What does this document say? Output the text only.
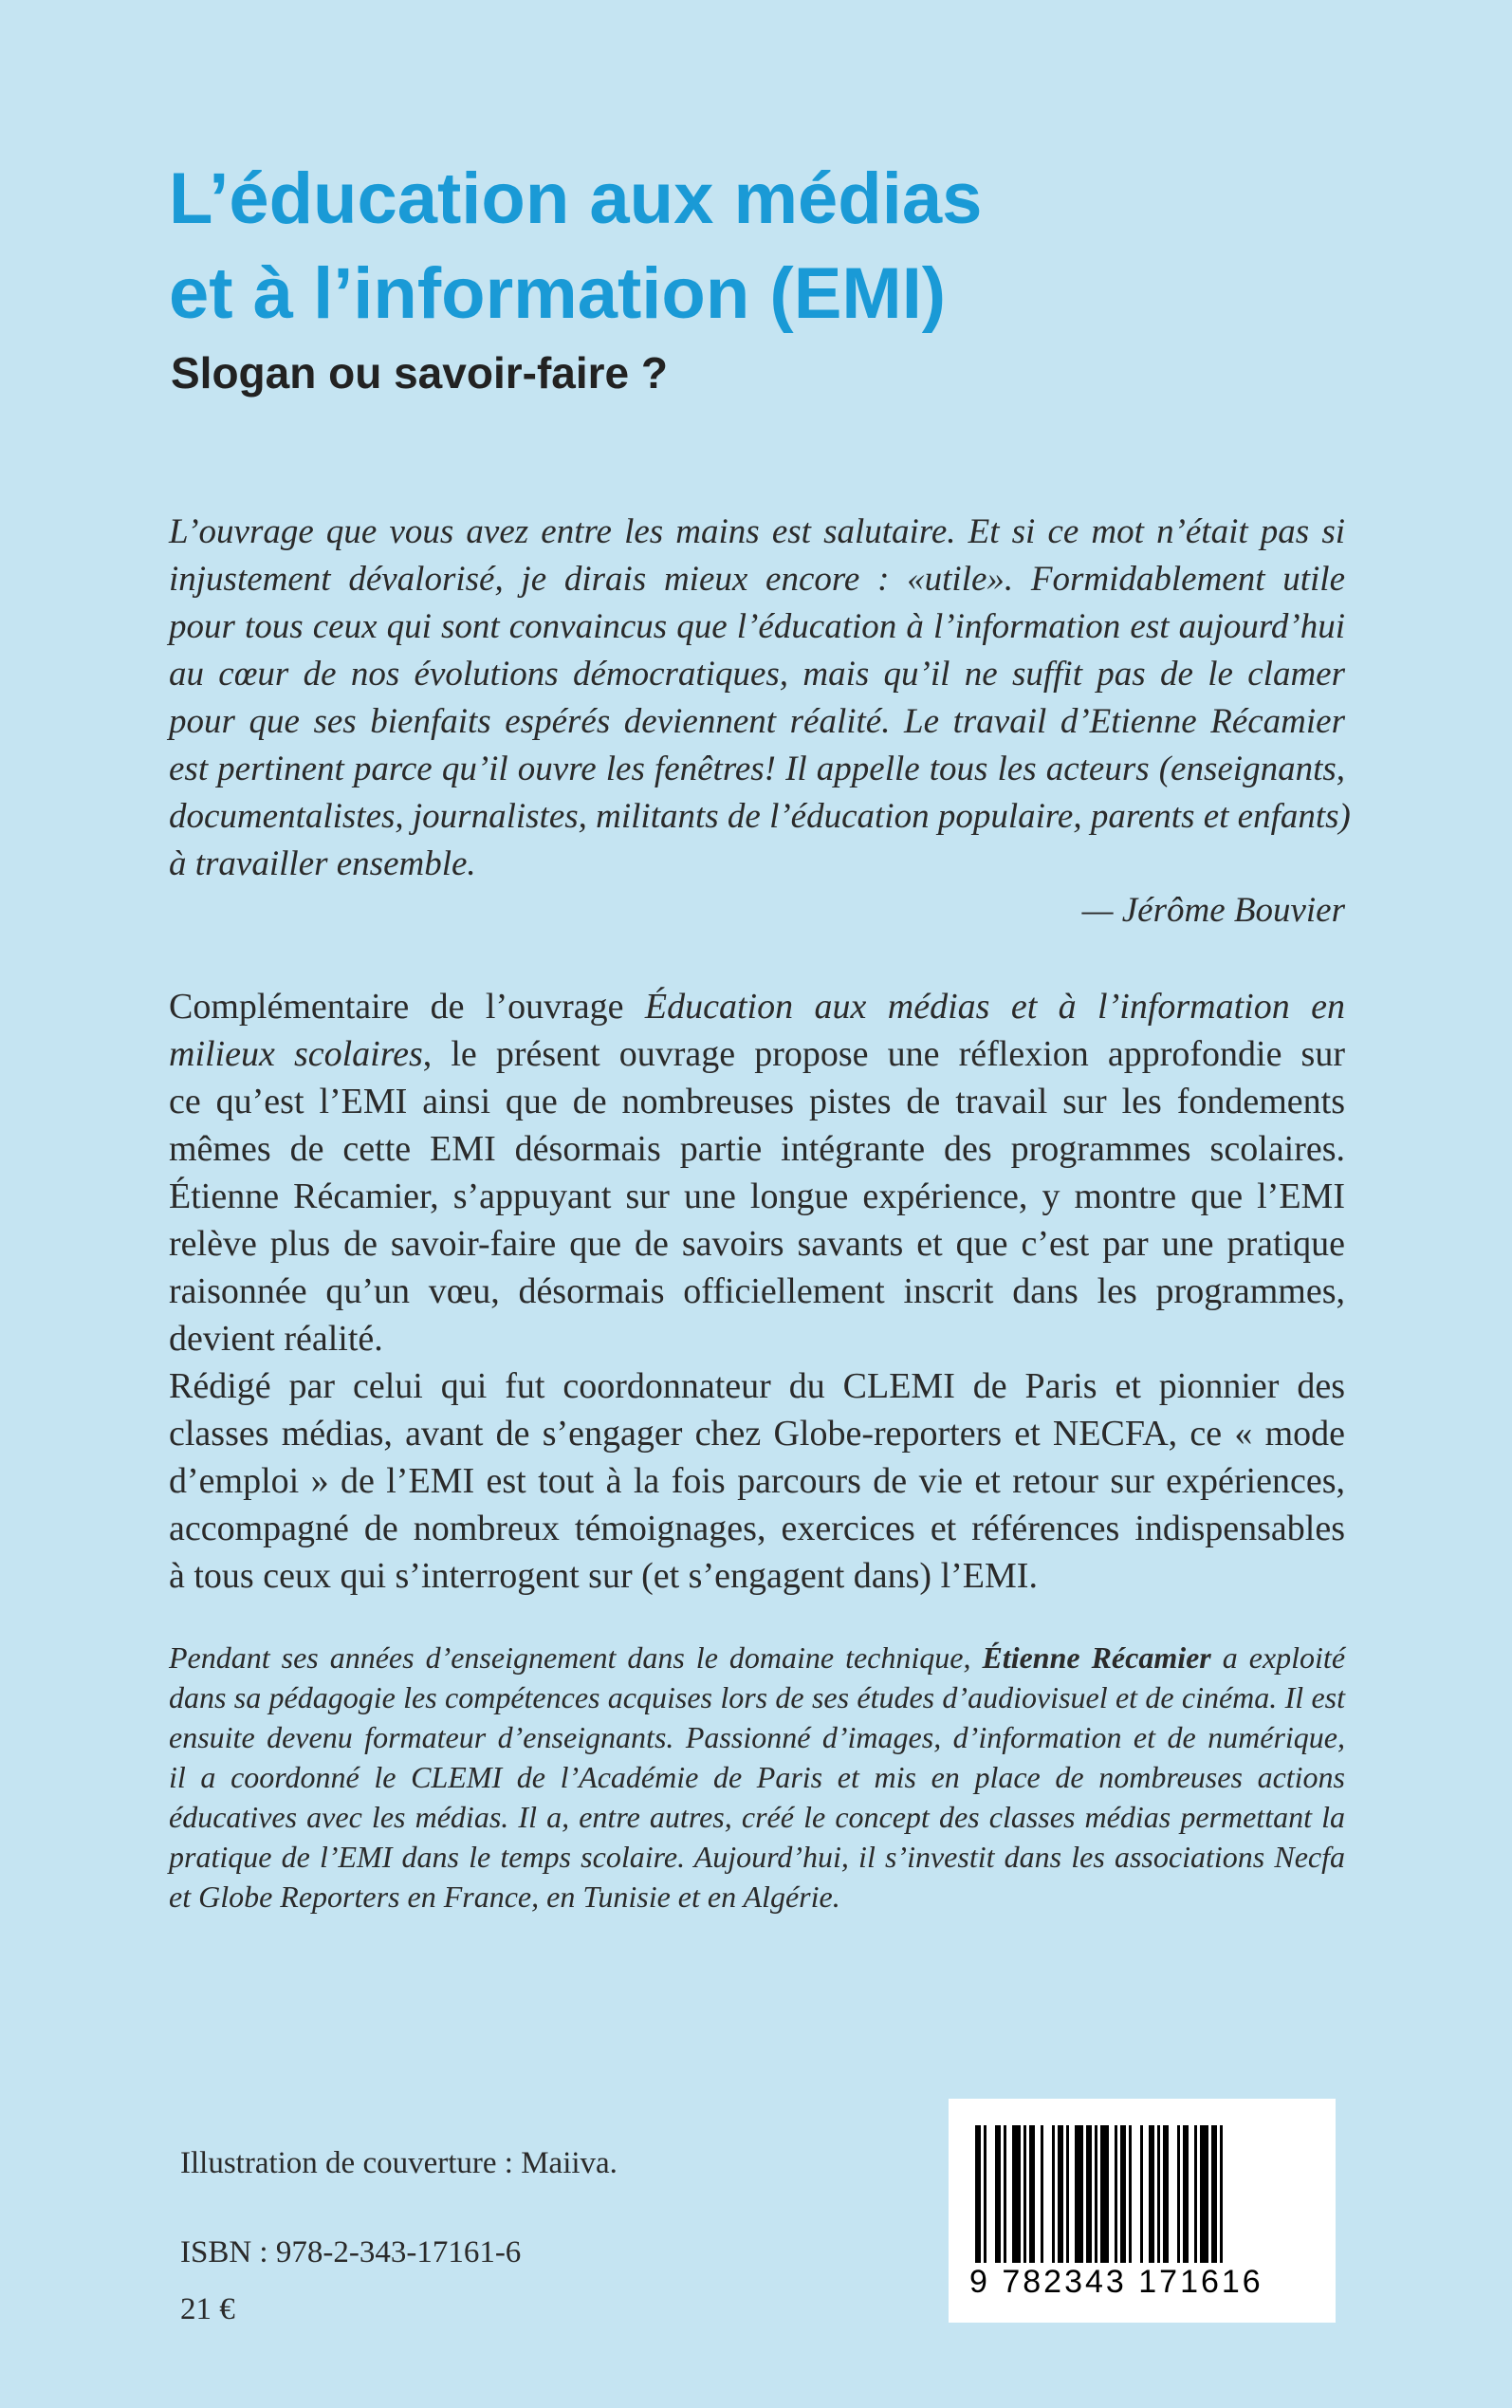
L’éducation aux médias
et à l’information (EMI)
Slogan ou savoir-faire ?
L’ouvrage que vous avez entre les mains est salutaire. Et si ce mot n’était pas si
injustement dévalorisé, je dirais mieux encore : «utile». Formidablement utile
pour tous ceux qui sont convaincus que l’éducation à l’information est aujourd’hui
au cœur de nos évolutions démocratiques, mais qu’il ne suffit pas de le clamer
pour que ses bienfaits espérés deviennent réalité. Le travail d’Etienne Récamier
est pertinent parce qu’il ouvre les fenêtres! Il appelle tous les acteurs (enseignants,
documentalistes, journalistes, militants de l’éducation populaire, parents et enfants)
à travailler ensemble.
— Jérôme Bouvier
Complémentaire de l’ouvrage Éducation aux médias et à l’information en
milieux scolaires, le présent ouvrage propose une réflexion approfondie sur
ce qu’est l’EMI ainsi que de nombreuses pistes de travail sur les fondements
mêmes de cette EMI désormais partie intégrante des programmes scolaires.
Étienne Récamier, s’appuyant sur une longue expérience, y montre que l’EMI
relève plus de savoir-faire que de savoirs savants et que c’est par une pratique
raisonnée qu’un vœu, désormais officiellement inscrit dans les programmes,
devient réalité.
Rédigé par celui qui fut coordonnateur du CLEMI de Paris et pionnier des
classes médias, avant de s’engager chez Globe-reporters et NECFA, ce « mode
d’emploi » de l’EMI est tout à la fois parcours de vie et retour sur expériences,
accompagné de nombreux témoignages, exercices et références indispensables
à tous ceux qui s’interrogent sur (et s’engagent dans) l’EMI.
Pendant ses années d’enseignement dans le domaine technique, Étienne Récamier a exploité
dans sa pédagogie les compétences acquises lors de ses études d’audiovisuel et de cinéma. Il est
ensuite devenu formateur d’enseignants. Passionné d’images, d’information et de numérique,
il a coordonné le CLEMI de l’Académie de Paris et mis en place de nombreuses actions
éducatives avec les médias. Il a, entre autres, créé le concept des classes médias permettant la
pratique de l’EMI dans le temps scolaire. Aujourd’hui, il s’investit dans les associations Necfa
et Globe Reporters en France, en Tunisie et en Algérie.
Illustration de couverture : Maiiva.
ISBN : 978-2-343-17161-6
21 €
9 782343 171616
